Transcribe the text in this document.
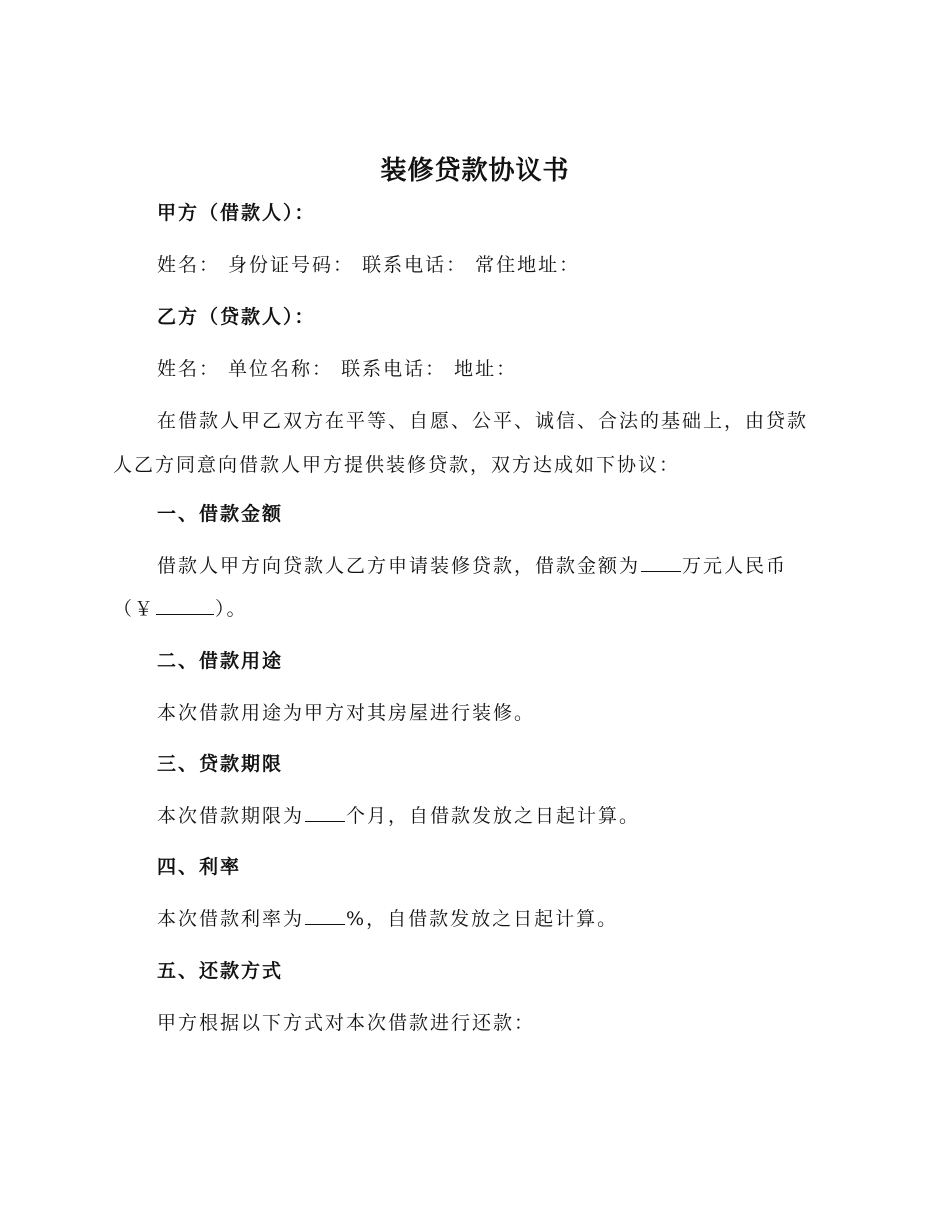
装修贷款协议书
甲方（借款人）：
姓名： 身份证号码： 联系电话： 常住地址：
乙方（贷款人）：
姓名： 单位名称： 联系电话： 地址：
在借款人甲乙双方在平等、自愿、公平、诚信、合法的基础上，由贷款
人乙方同意向借款人甲方提供装修贷款，双方达成如下协议：
一、借款金额
借款人甲方向贷款人乙方申请装修贷款，借款金额为 万元人民币
（￥	）。
二、借款用途
本次借款用途为甲方对其房屋进行装修。
三、贷款期限
本次借款期限为 个月，自借款发放之日起计算。
四、利率
本次借款利率为 %，自借款发放之日起计算。
五、还款方式
甲方根据以下方式对本次借款进行还款：
